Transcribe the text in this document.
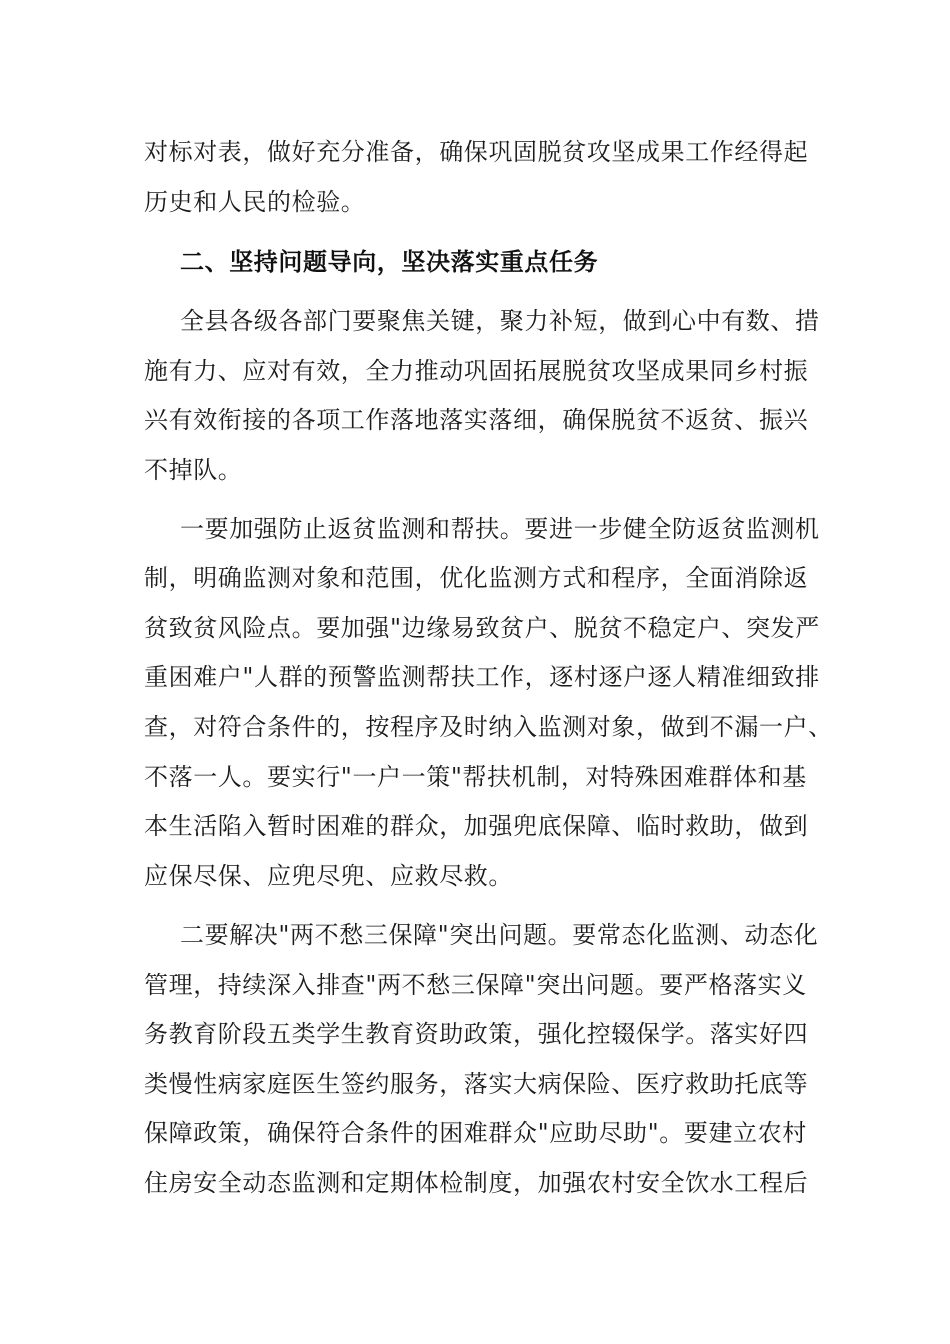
对标对表，做好充分准备，确保巩固脱贫攻坚成果工作经得起

历史和人民的检验。

二、坚持问题导向，坚决落实重点任务

全县各级各部门要聚焦关键，聚力补短，做到心中有数、措

施有力、应对有效，全力推动巩固拓展脱贫攻坚成果同乡村振

兴有效衔接的各项工作落地落实落细，确保脱贫不返贫、振兴

不掉队。

一要加强防止返贫监测和帮扶。要进一步健全防返贫监测机

制，明确监测对象和范围，优化监测方式和程序，全面消除返

贫致贫风险点。要加强"边缘易致贫户、脱贫不稳定户、突发严

重困难户"人群的预警监测帮扶工作，逐村逐户逐人精准细致排

查，对符合条件的，按程序及时纳入监测对象，做到不漏一户、

不落一人。要实行"一户一策"帮扶机制，对特殊困难群体和基

本生活陷入暂时困难的群众，加强兜底保障、临时救助，做到

应保尽保、应兜尽兜、应救尽救。

二要解决"两不愁三保障"突出问题。要常态化监测、动态化

管理，持续深入排查"两不愁三保障"突出问题。要严格落实义

务教育阶段五类学生教育资助政策，强化控辍保学。落实好四

类慢性病家庭医生签约服务，落实大病保险、医疗救助托底等

保障政策，确保符合条件的困难群众"应助尽助"。要建立农村

住房安全动态监测和定期体检制度，加强农村安全饮水工程后
